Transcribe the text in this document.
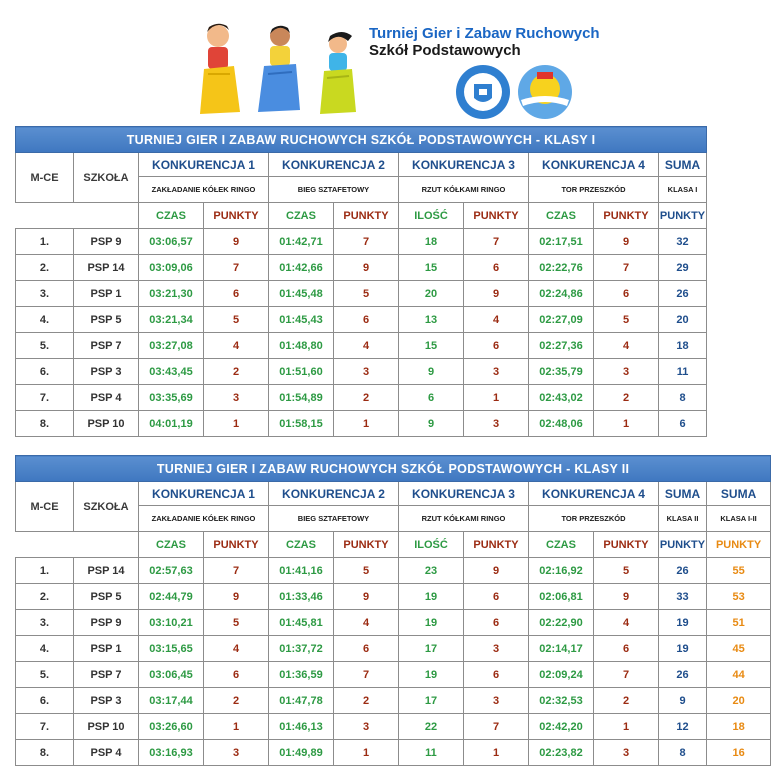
Turniej Gier i Zabaw Ruchowych
Szkół Podstawowych
TURNIEJ GIER I ZABAW RUCHOWYCH SZKÓŁ PODSTAWOWYCH - KLASY I										
M-CE	SZKOŁA	KONKURENCJA 1		KONKURENCJA 2		KONKURENCJA 3		KONKURENCJA 4		SUMA
		ZAKŁADANIE KÓŁEK RINGO		BIEG SZTAFETOWY		RZUT KÓŁKAMI RINGO		TOR PRZESZKÓD		KLASA I
		CZAS	PUNKTY	CZAS	PUNKTY	ILOŚĆ	PUNKTY	CZAS	PUNKTY	PUNKTY
1.	PSP 9	03:06,57	9	01:42,71	7	18	7	02:17,51	9	32
2.	PSP 14	03:09,06	7	01:42,66	9	15	6	02:22,76	7	29
3.	PSP 1	03:21,30	6	01:45,48	5	20	9	02:24,86	6	26
4.	PSP 5	03:21,34	5	01:45,43	6	13	4	02:27,09	5	20
5.	PSP 7	03:27,08	4	01:48,80	4	15	6	02:27,36	4	18
6.	PSP 3	03:43,45	2	01:51,60	3	9	3	02:35,79	3	11
7.	PSP 4	03:35,69	3	01:54,89	2	6	1	02:43,02	2	8
8.	PSP 10	04:01,19	1	01:58,15	1	9	3	02:48,06	1	6
TURNIEJ GIER I ZABAW RUCHOWYCH SZKÓŁ PODSTAWOWYCH - KLASY II											
M-CE	SZKOŁA	KONKURENCJA 1		KONKURENCJA 2		KONKURENCJA 3		KONKURENCJA 4		SUMA	SUMA
		ZAKŁADANIE KÓŁEK RINGO		BIEG SZTAFETOWY		RZUT KÓŁKAMI RINGO		TOR PRZESZKÓD		KLASA II	KLASA I-II
		CZAS	PUNKTY	CZAS	PUNKTY	ILOŚĆ	PUNKTY	CZAS	PUNKTY	PUNKTY	PUNKTY
1.	PSP 14	02:57,63	7	01:41,16	5	23	9	02:16,92	5	26	55
2.	PSP 5	02:44,79	9	01:33,46	9	19	6	02:06,81	9	33	53
3.	PSP 9	03:10,21	5	01:45,81	4	19	6	02:22,90	4	19	51
4.	PSP 1	03:15,65	4	01:37,72	6	17	3	02:14,17	6	19	45
5.	PSP 7	03:06,45	6	01:36,59	7	19	6	02:09,24	7	26	44
6.	PSP 3	03:17,44	2	01:47,78	2	17	3	02:32,53	2	9	20
7.	PSP 10	03:26,60	1	01:46,13	3	22	7	02:42,20	1	12	18
8.	PSP 4	03:16,93	3	01:49,89	1	11	1	02:23,82	3	8	16
